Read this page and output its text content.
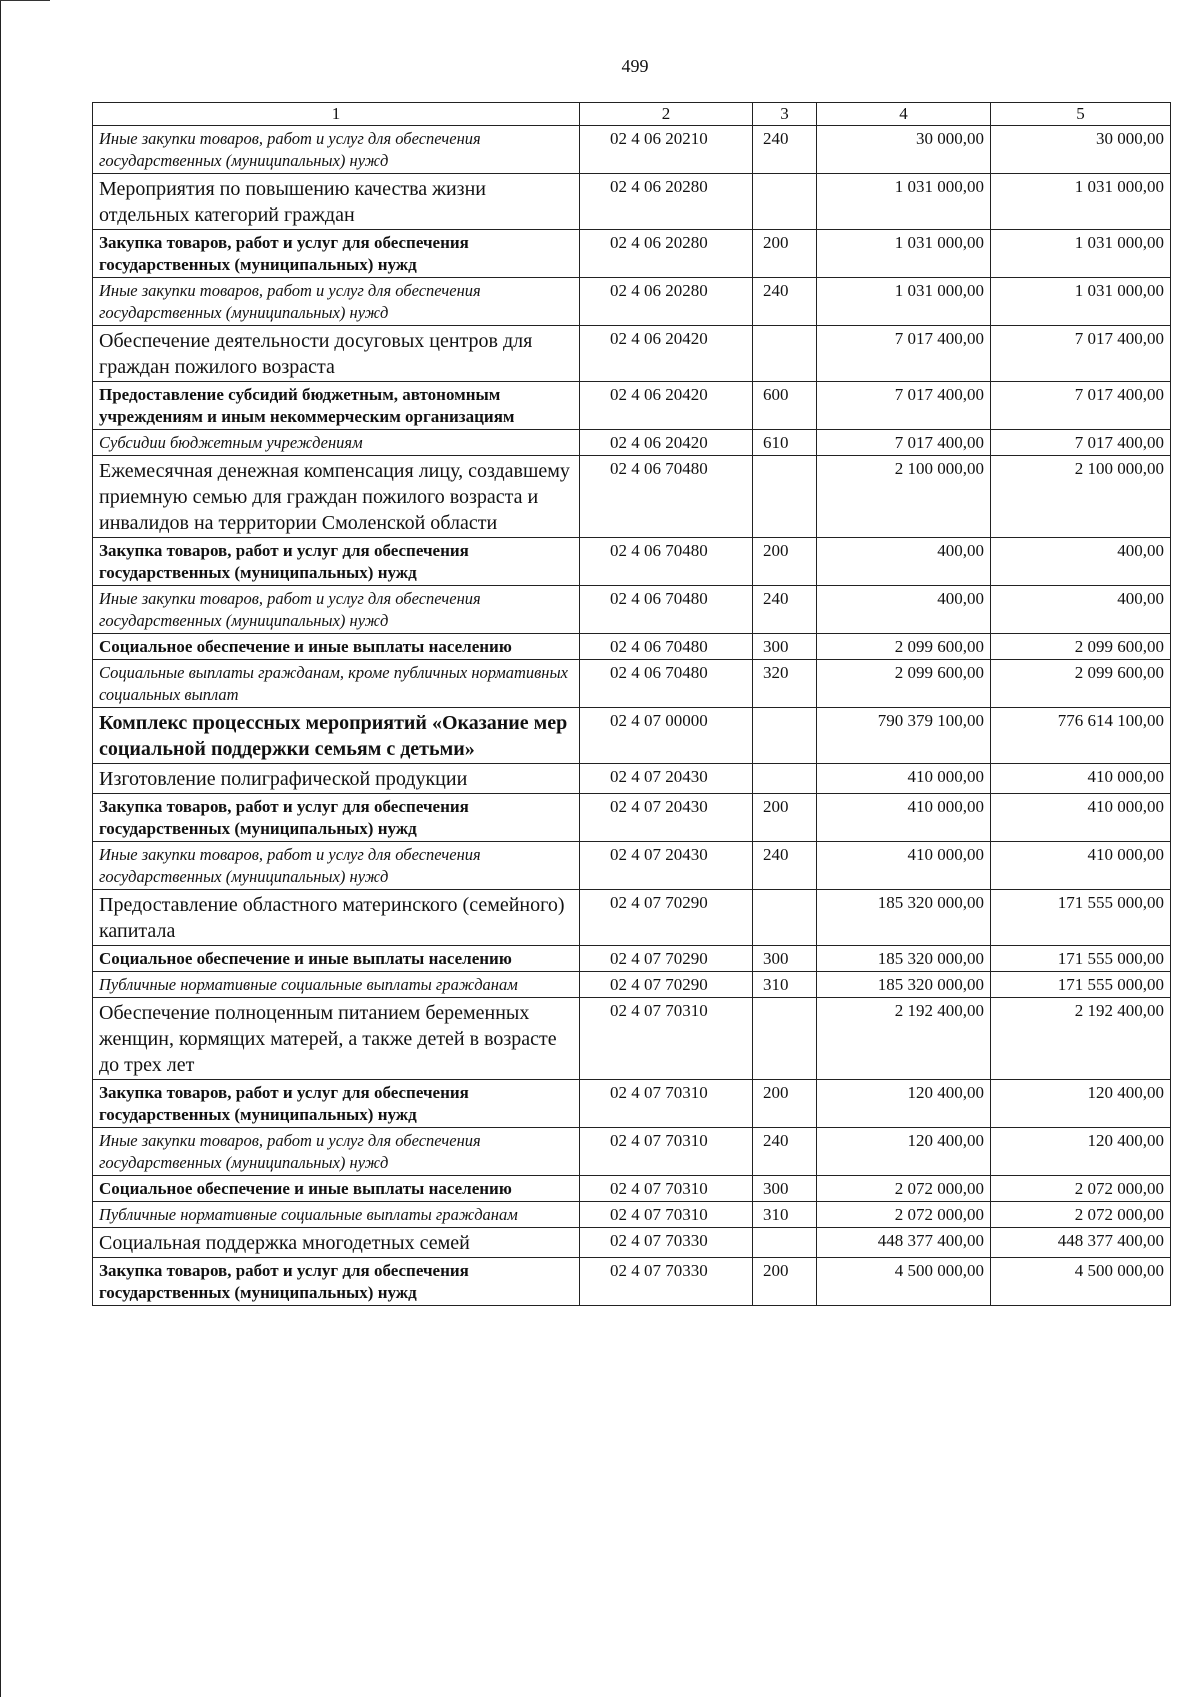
499
1	2	3	4	5
Иные закупки товаров, работ и услуг для обеспечения государственных (муниципальных) нужд	02 4 06 20210	240	30 000,00	30 000,00
Мероприятия по повышению качества жизни отдельных категорий граждан	02 4 06 20280		1 031 000,00	1 031 000,00
Закупка товаров, работ и услуг для обеспечения государственных (муниципальных) нужд	02 4 06 20280	200	1 031 000,00	1 031 000,00
Иные закупки товаров, работ и услуг для обеспечения государственных (муниципальных) нужд	02 4 06 20280	240	1 031 000,00	1 031 000,00
Обеспечение деятельности досуговых центров для граждан пожилого возраста	02 4 06 20420		7 017 400,00	7 017 400,00
Предоставление субсидий бюджетным, автономным учреждениям и иным некоммерческим организациям	02 4 06 20420	600	7 017 400,00	7 017 400,00
Субсидии бюджетным учреждениям	02 4 06 20420	610	7 017 400,00	7 017 400,00
Ежемесячная денежная компенсация лицу, создавшему приемную семью для граждан пожилого возраста и инвалидов на территории Смоленской области	02 4 06 70480		2 100 000,00	2 100 000,00
Закупка товаров, работ и услуг для обеспечения государственных (муниципальных) нужд	02 4 06 70480	200	400,00	400,00
Иные закупки товаров, работ и услуг для обеспечения государственных (муниципальных) нужд	02 4 06 70480	240	400,00	400,00
Социальное обеспечение и иные выплаты населению	02 4 06 70480	300	2 099 600,00	2 099 600,00
Социальные выплаты гражданам, кроме публичных нормативных социальных выплат	02 4 06 70480	320	2 099 600,00	2 099 600,00
Комплекс процессных мероприятий «Оказание мер социальной поддержки семьям с детьми»	02 4 07 00000		790 379 100,00	776 614 100,00
Изготовление полиграфической продукции	02 4 07 20430		410 000,00	410 000,00
Закупка товаров, работ и услуг для обеспечения государственных (муниципальных) нужд	02 4 07 20430	200	410 000,00	410 000,00
Иные закупки товаров, работ и услуг для обеспечения государственных (муниципальных) нужд	02 4 07 20430	240	410 000,00	410 000,00
Предоставление областного материнского (семейного) капитала	02 4 07 70290		185 320 000,00	171 555 000,00
Социальное обеспечение и иные выплаты населению	02 4 07 70290	300	185 320 000,00	171 555 000,00
Публичные нормативные социальные выплаты гражданам	02 4 07 70290	310	185 320 000,00	171 555 000,00
Обеспечение полноценным питанием беременных женщин, кормящих матерей, а также детей в возрасте до трех лет	02 4 07 70310		2 192 400,00	2 192 400,00
Закупка товаров, работ и услуг для обеспечения государственных (муниципальных) нужд	02 4 07 70310	200	120 400,00	120 400,00
Иные закупки товаров, работ и услуг для обеспечения государственных (муниципальных) нужд	02 4 07 70310	240	120 400,00	120 400,00
Социальное обеспечение и иные выплаты населению	02 4 07 70310	300	2 072 000,00	2 072 000,00
Публичные нормативные социальные выплаты гражданам	02 4 07 70310	310	2 072 000,00	2 072 000,00
Социальная поддержка многодетных семей	02 4 07 70330		448 377 400,00	448 377 400,00
Закупка товаров, работ и услуг для обеспечения государственных (муниципальных) нужд	02 4 07 70330	200	4 500 000,00	4 500 000,00
